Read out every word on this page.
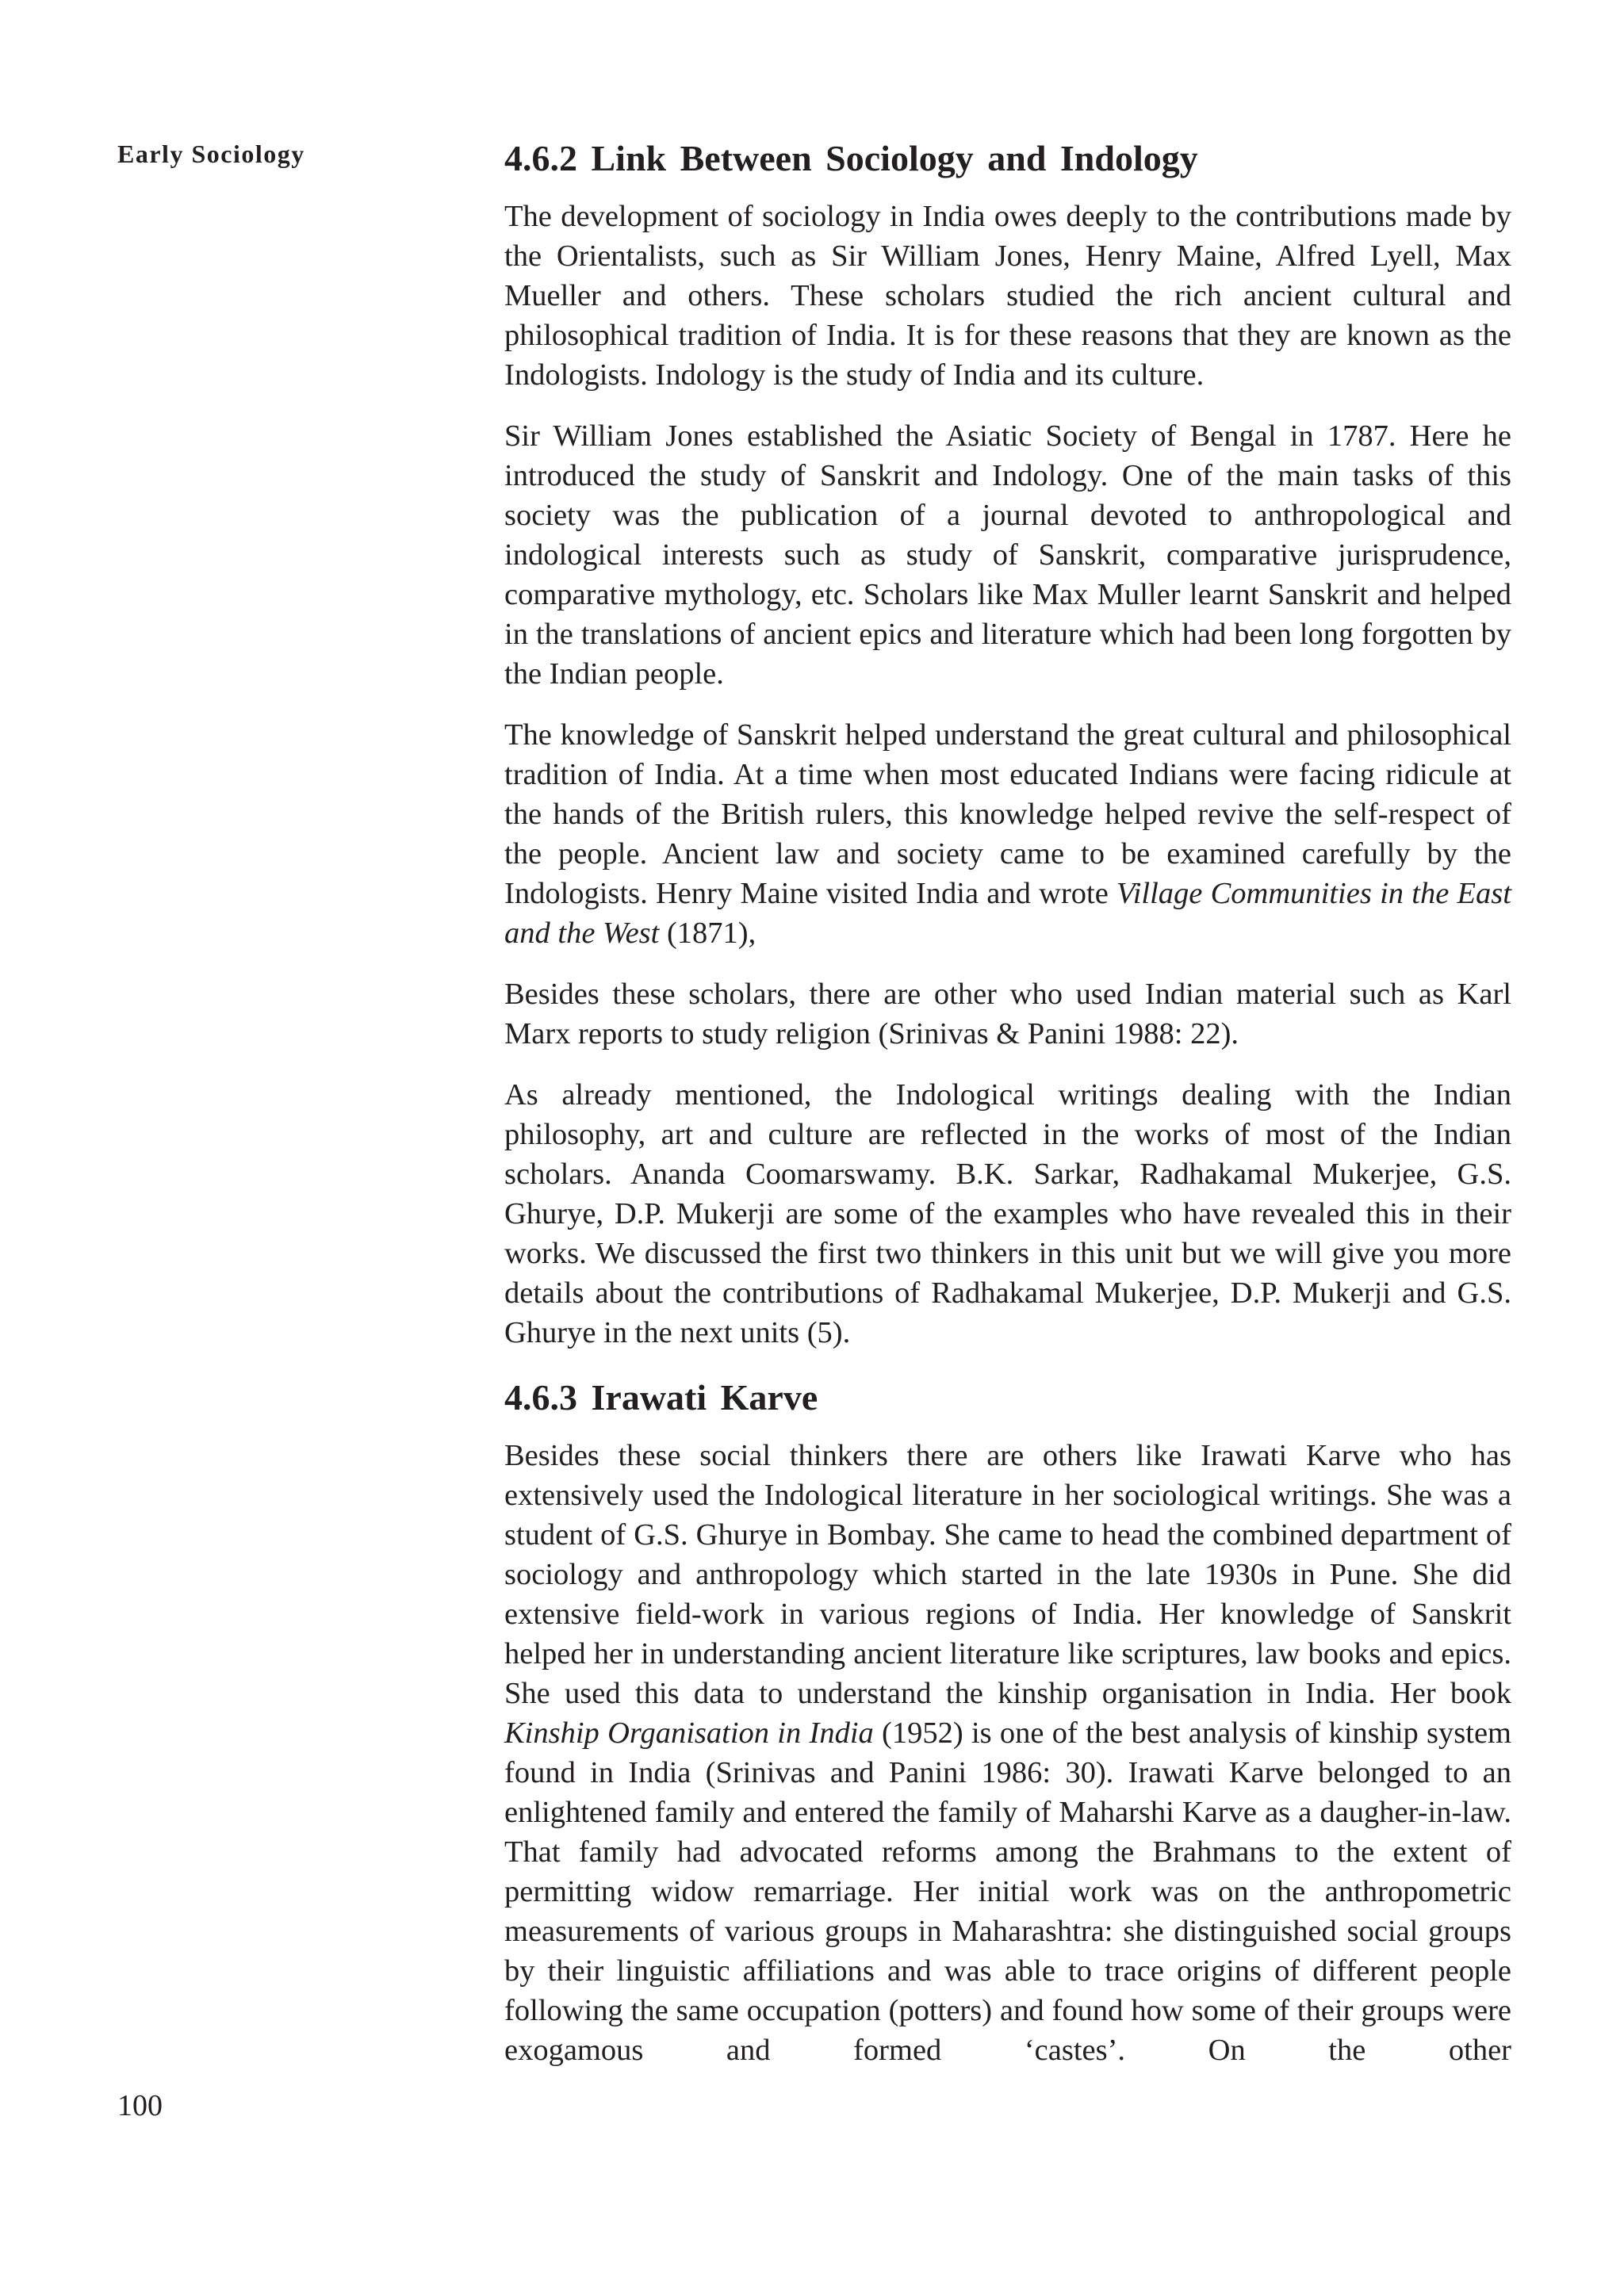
Early Sociology
100
4.6.2 Link Between Sociology and Indology

The development of sociology in India owes deeply to the contributions made by the Orientalists, such as Sir William Jones, Henry Maine, Alfred Lyell, Max Mueller and others. These scholars studied the rich ancient cultural and philosophical tradition of India. It is for these reasons that they are known as the Indologists. Indology is the study of India and its culture.

Sir William Jones established the Asiatic Society of Bengal in 1787. Here he introduced the study of Sanskrit and Indology. One of the main tasks of this society was the publication of a journal devoted to anthropological and indological interests such as study of Sanskrit, comparative jurisprudence, comparative mythology, etc. Scholars like Max Muller learnt Sanskrit and helped in the translations of ancient epics and literature which had been long forgotten by the Indian people.

The knowledge of Sanskrit helped understand the great cultural and philosophical tradition of India. At a time when most educated Indians were facing ridicule at the hands of the British rulers, this knowledge helped revive the self-respect of the people. Ancient law and society came to be examined carefully by the Indologists. Henry Maine visited India and wrote Village Communities in the East and the West (1871),

Besides these scholars, there are other who used Indian material such as Karl Marx reports to study religion (Srinivas & Panini 1988: 22).

As already mentioned, the Indological writings dealing with the Indian philosophy, art and culture are reflected in the works of most of the Indian scholars. Ananda Coomarswamy. B.K. Sarkar, Radhakamal Mukerjee, G.S. Ghurye, D.P. Mukerji are some of the examples who have revealed this in their works. We discussed the first two thinkers in this unit but we will give you more details about the contributions of Radhakamal Mukerjee, D.P. Mukerji and G.S. Ghurye in the next units (5).

4.6.3 Irawati Karve

Besides these social thinkers there are others like Irawati Karve who has extensively used the Indological literature in her sociological writings. She was a student of G.S. Ghurye in Bombay. She came to head the combined department of sociology and anthropology which started in the late 1930s in Pune. She did extensive field-work in various regions of India. Her knowledge of Sanskrit helped her in understanding ancient literature like scriptures, law books and epics. She used this data to understand the kinship organisation in India. Her book Kinship Organisation in India (1952) is one of the best analysis of kinship system found in India (Srinivas and Panini 1986: 30). Irawati Karve belonged to an enlightened family and entered the family of Maharshi Karve as a daugher-in-law. That family had advocated reforms among the Brahmans to the extent of permitting widow remarriage. Her initial work was on the anthropometric measurements of various groups in Maharashtra: she distinguished social groups by their linguistic affiliations and was able to trace origins of different people following the same occupation (potters) and found how some of their groups were exogamous and formed ‘castes’. On the other
